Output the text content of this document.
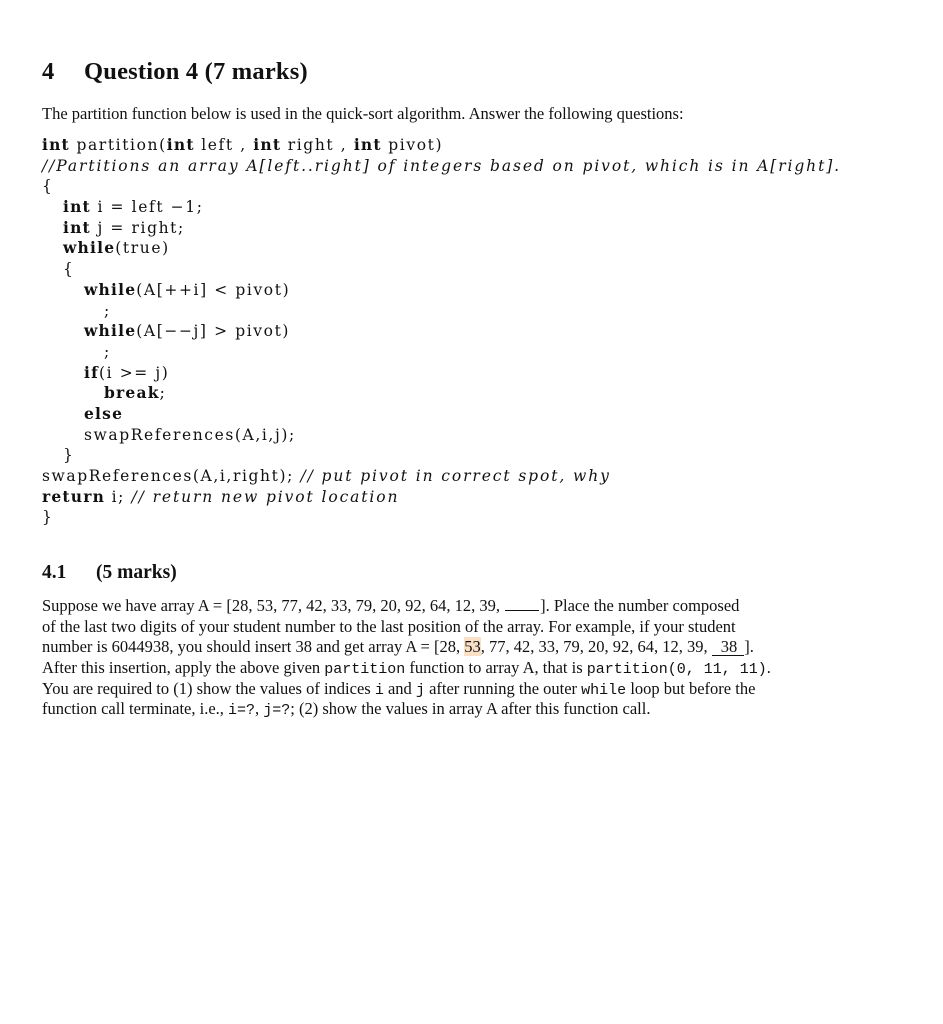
4 Question 4 (7 marks)
The partition function below is used in the quick-sort algorithm. Answer the following questions:
int partition(int left , int right , int pivot)
//Partitions an array A[left..right] of integers based on pivot, which is in A[right].
{
int i = left −1;
int j = right;
while(true)
{
while(A[++i] < pivot)
;
while(A[−−j] > pivot)
;
if(i >= j)
break;
else
swapReferences(A,i,j);
}
swapReferences(A,i,right); // put pivot in correct spot, why
return i; // return new pivot location
}
4.1 (5 marks)
Suppose we have array A = [28, 53, 77, 42, 33, 79, 20, 92, 64, 12, 39, ]. Place the number composed
of the last two digits of your student number to the last position of the array. For example, if your student
number is 6044938, you should insert 38 and get array A = [28, 53, 77, 42, 33, 79, 20, 92, 64, 12, 39, 38 ].
After this insertion, apply the above given partition function to array A, that is partition(0, 11, 11).
You are required to (1) show the values of indices i and j after running the outer while loop but before the
function call terminate, i.e., i=?, j=?; (2) show the values in array A after this function call.
